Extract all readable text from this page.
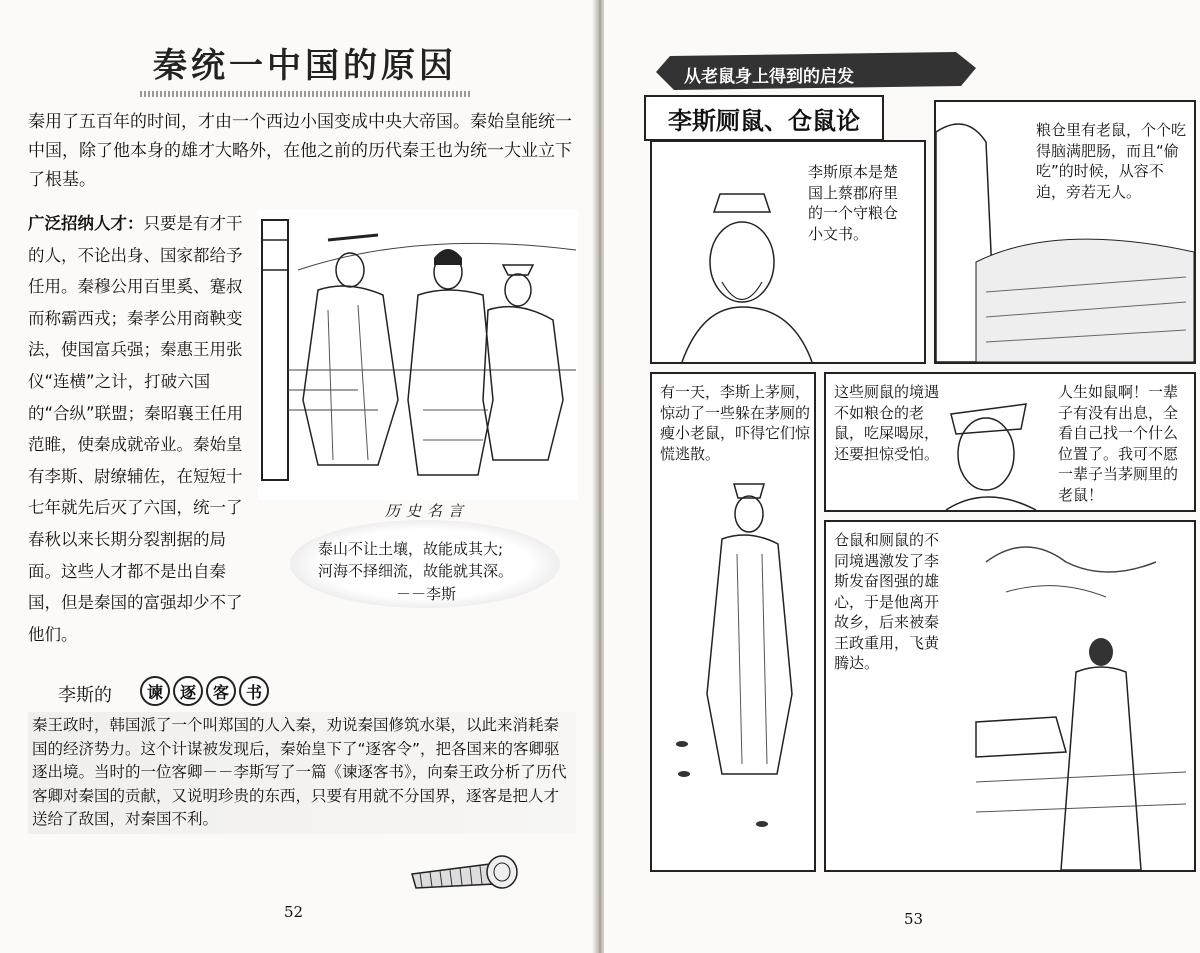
秦统一中国的原因
秦用了五百年的时间，才由一个西边小国变成中央大帝国。秦始皇能统一中国，除了他本身的雄才大略外，在他之前的历代秦王也为统一大业立下了根基。
广泛招纳人才：只要是有才干的人，不论出身、国家都给予任用。秦穆公用百里奚、蹇叔而称霸西戎；秦孝公用商鞅变法，使国富兵强；秦惠王用张仪“连横”之计，打破六国的“合纵”联盟；秦昭襄王任用范睢，使秦成就帝业。秦始皇有李斯、尉缭辅佐，在短短十七年就先后灭了六国，统一了春秋以来长期分裂割据的局面。这些人才都不是出自秦国，但是秦国的富强却少不了他们。
历史名言
泰山不让土壤，故能成其大;
河海不择细流，故能就其深。
－－李斯
李斯的	谏	逐	客	书
秦王政时，韩国派了一个叫郑国的人入秦，劝说秦国修筑水渠，以此来消耗秦国的经济势力。这个计谋被发现后，秦始皇下了“逐客令”，把各国来的客卿驱逐出境。当时的一位客卿－－李斯写了一篇《谏逐客书》，向秦王政分析了历代客卿对秦国的贡献，又说明珍贵的东西，只要有用就不分国界，逐客是把人才送给了敌国，对秦国不利。
52
从老鼠身上得到的启发
李斯厕鼠、仓鼠论
李斯原本是楚国上蔡郡府里的一个守粮仓小文书。
粮仓里有老鼠，个个吃得脑满肥肠，而且“偷吃”的时候，从容不迫，旁若无人。
有一天，李斯上茅厕，惊动了一些躲在茅厕的瘦小老鼠，吓得它们惊慌逃散。
这些厕鼠的境遇不如粮仓的老鼠，吃屎喝尿，还要担惊受怕。
人生如鼠啊！一辈子有没有出息，全看自己找一个什么位置了。我可不愿一辈子当茅厕里的老鼠！
仓鼠和厕鼠的不同境遇激发了李斯发奋图强的雄心，于是他离开故乡，后来被秦王政重用，飞黄腾达。
53
